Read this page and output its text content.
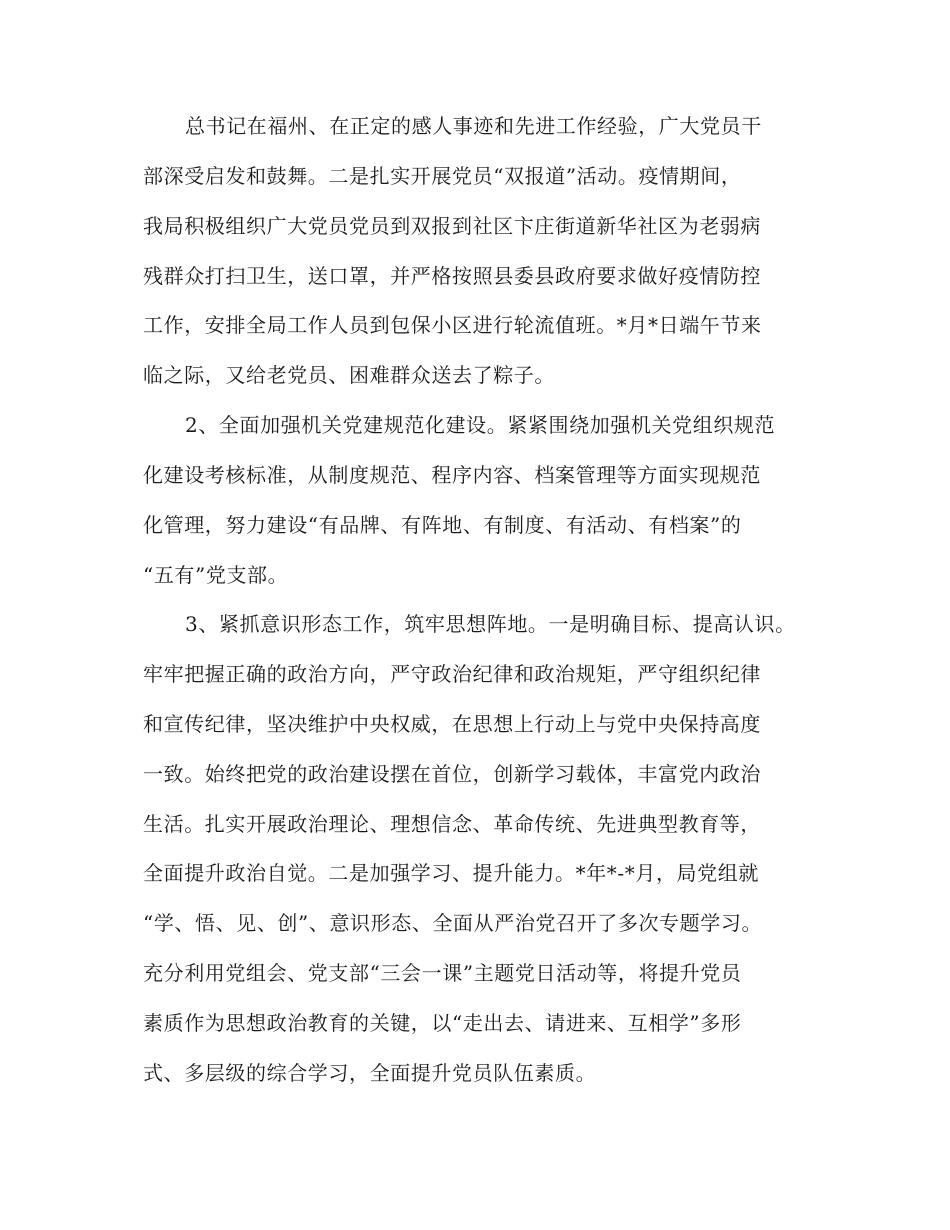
总书记在福州、在正定的感人事迹和先进工作经验，广大党员干
部深受启发和鼓舞。二是扎实开展党员“双报道”活动。疫情期间，
我局积极组织广大党员党员到双报到社区卞庄街道新华社区为老弱病
残群众打扫卫生，送口罩，并严格按照县委县政府要求做好疫情防控
工作，安排全局工作人员到包保小区进行轮流值班。*月*日端午节来
临之际，又给老党员、困难群众送去了粽子。
2、全面加强机关党建规范化建设。紧紧围绕加强机关党组织规范
化建设考核标准，从制度规范、程序内容、档案管理等方面实现规范
化管理，努力建设“有品牌、有阵地、有制度、有活动、有档案”的
“五有”党支部。
3、紧抓意识形态工作，筑牢思想阵地。一是明确目标、提高认识。
牢牢把握正确的政治方向，严守政治纪律和政治规矩，严守组织纪律
和宣传纪律，坚决维护中央权威，在思想上行动上与党中央保持高度
一致。始终把党的政治建设摆在首位，创新学习载体，丰富党内政治
生活。扎实开展政治理论、理想信念、革命传统、先进典型教育等，
全面提升政治自觉。二是加强学习、提升能力。*年*-*月，局党组就
“学、悟、见、创”、意识形态、全面从严治党召开了多次专题学习。
充分利用党组会、党支部“三会一课”主题党日活动等，将提升党员
素质作为思想政治教育的关键，以“走出去、请进来、互相学”多形
式、多层级的综合学习，全面提升党员队伍素质。
